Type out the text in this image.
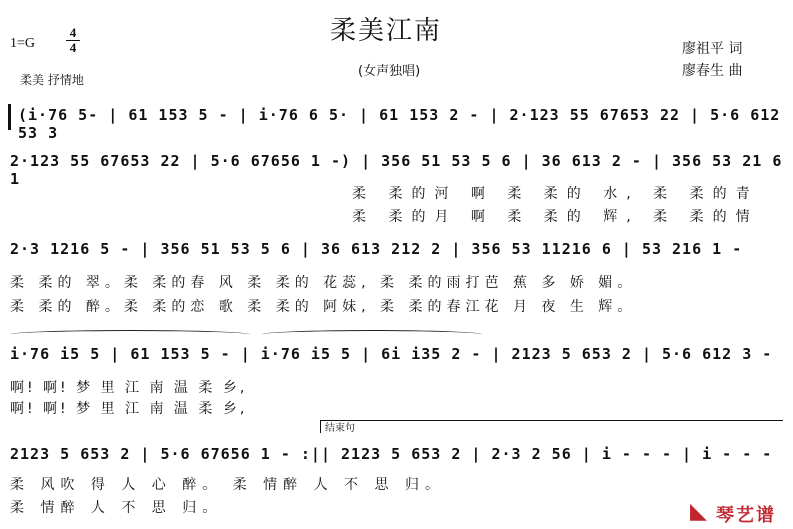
柔美江南
1=G
4
4
柔美 抒情地
(女声独唱)
廖祖平 词
廖春生 曲
(i·76 5- | 61 153 5 - | i·76 6 5· | 61 153 2 - | 2·123 55 67653 22 | 5·6 612 53 3
2·123 55 67653 22 | 5·6 67656 1 -) | 356 51 53 5 6 | 36 613 2 - | 356 53 21 6 1
柔 柔的河 啊 柔 柔的 水, 柔 柔的青
柔 柔的月 啊 柔 柔的 辉, 柔 柔的情
2·3 1216 5 - | 356 51 53 5 6 | 36 613 212 2 | 356 53 11216 6 | 53 216 1 -
柔 柔的 翠。柔 柔的春 风 柔 柔的 花蕊, 柔 柔的雨打芭 蕉 多 娇 媚。
柔 柔的 醉。柔 柔的恋 歌 柔 柔的 阿妹, 柔 柔的春江花 月 夜 生 辉。
i·76 i5 5 | 61 153 5 - | i·76 i5 5 | 6i i35 2 - | 2123 5 653 2 | 5·6 612 3 -
啊! 啊! 梦 里 江 南 温 柔 乡,
啊! 啊! 梦 里 江 南 温 柔 乡,
结束句
2123 5 653 2 | 5·6 67656 1 - :|| 2123 5 653 2 | 2·3 2 56 | i - - - | i - - -
柔 风吹 得 人 心 醉。 柔 情醉 人 不 思 归。
柔 情醉 人 不 思 归。	◣ 琴艺谱
